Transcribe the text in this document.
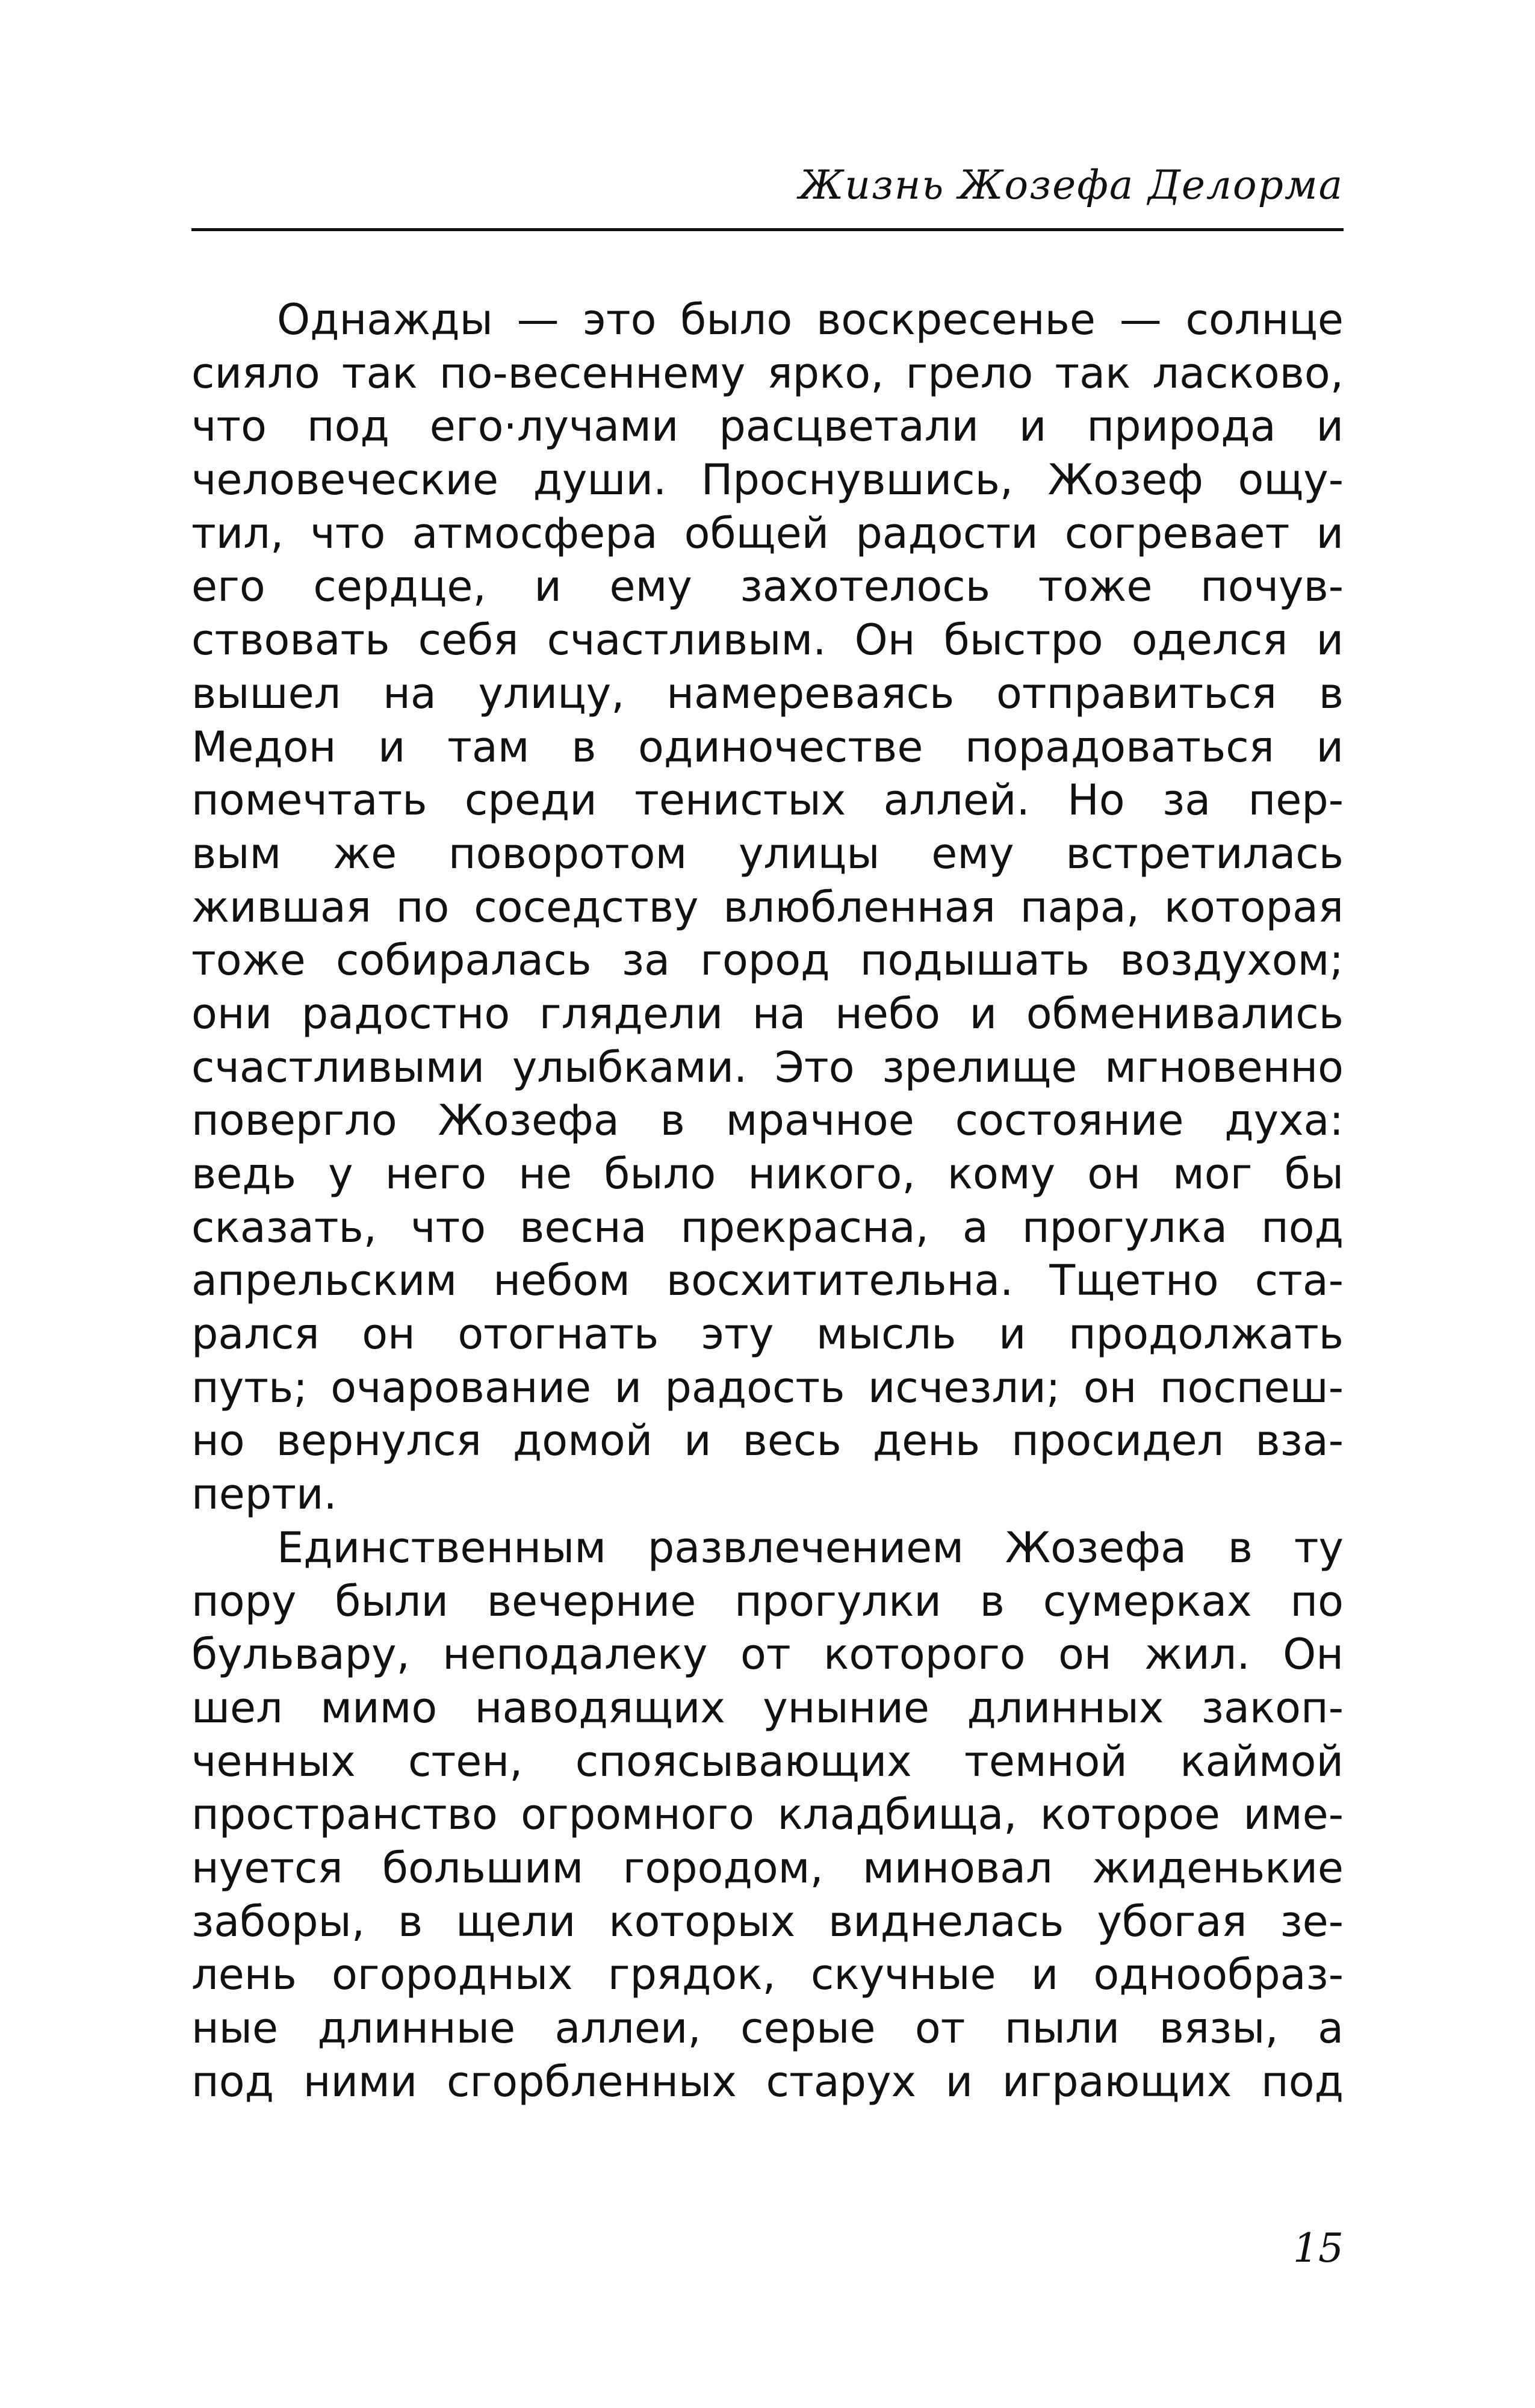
Жизнь Жозефа Делорма
Однажды — это было воскресенье — солнце
сияло так по-весеннему ярко, грело так ласково,
что под его·лучами расцветали и природа и
человеческие души. Проснувшись, Жозеф ощу-
тил, что атмосфера общей радости согревает и
его сердце, и ему захотелось тоже почув-
ствовать себя счастливым. Он быстро оделся и
вышел на улицу, намереваясь отправиться в
Медон и там в одиночестве порадоваться и
помечтать среди тенистых аллей. Но за пер-
вым же поворотом улицы ему встретилась
жившая по соседству влюбленная пара, которая
тоже собиралась за город подышать воздухом;
они радостно глядели на небо и обменивались
счастливыми улыбками. Это зрелище мгновенно
повергло Жозефа в мрачное состояние духа:
ведь у него не было никого, кому он мог бы
сказать, что весна прекрасна, а прогулка под
апрельским небом восхитительна. Тщетно ста-
рался он отогнать эту мысль и продолжать
путь; очарование и радость исчезли; он поспеш-
но вернулся домой и весь день просидел вза-
перти.
Единственным развлечением Жозефа в ту
пору были вечерние прогулки в сумерках по
бульвару, неподалеку от которого он жил. Он
шел мимо наводящих уныние длинных закоп-
ченных стен, споясывающих темной каймой
пространство огромного кладбища, которое име-
нуется большим городом, миновал жиденькие
заборы, в щели которых виднелась убогая зе-
лень огородных грядок, скучные и однообраз-
ные длинные аллеи, серые от пыли вязы, а
под ними сгорбленных старух и играющих под
15
